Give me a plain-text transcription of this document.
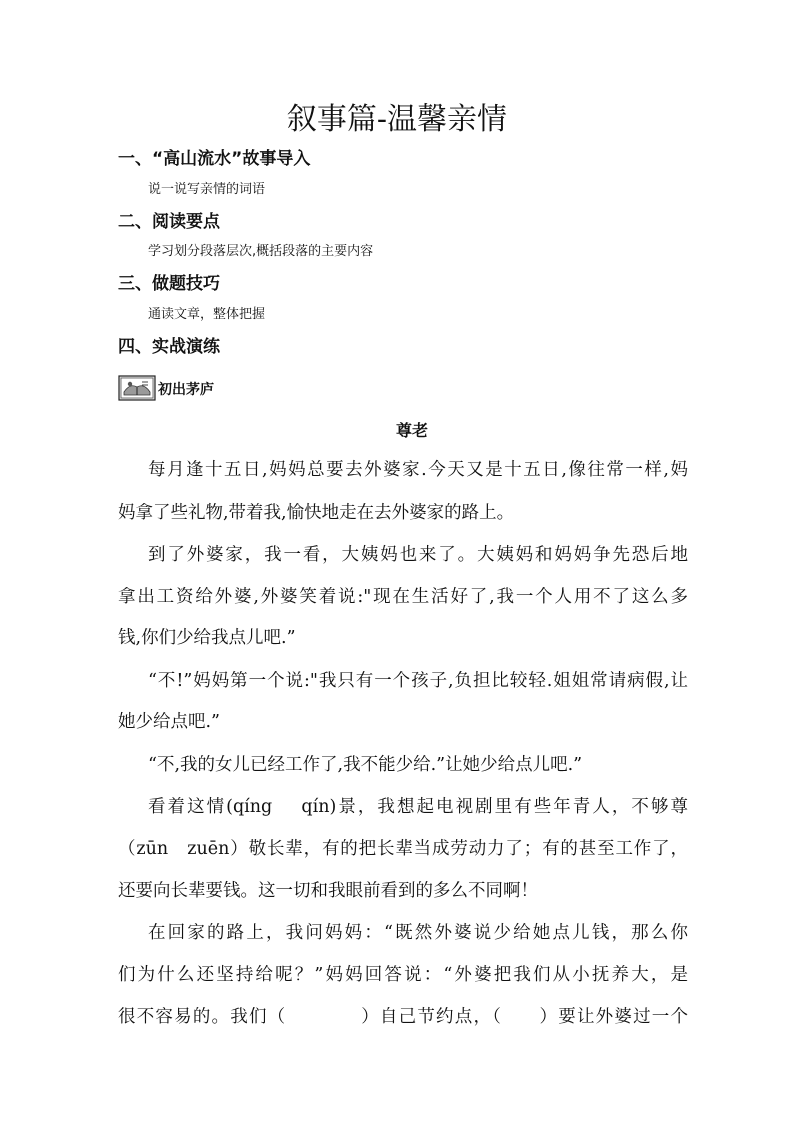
叙事篇-温馨亲情
一、“高山流水”故事导入
说一说写亲情的词语
二、阅读要点
学习划分段落层次,概括段落的主要内容
三、做题技巧
通读文章，整体把握
四、实战演练
初出茅庐
尊老
每月逢十五日,妈妈总要去外婆家.今天又是十五日,像往常一样,妈
妈拿了些礼物,带着我,愉快地走在去外婆家的路上。
到了外婆家，我一看，大姨妈也来了。大姨妈和妈妈争先恐后地
拿出工资给外婆,外婆笑着说:"现在生活好了,我一个人用不了这么多
钱,你们少给我点儿吧.”
“不!”妈妈第一个说:"我只有一个孩子,负担比较轻.姐姐常请病假,让
她少给点吧.”
“不,我的女儿已经工作了,我不能少给.”让她少给点儿吧.”
看着这情(qíng　 qín)景，我想起电视剧里有些年青人，不够尊
（zūn　zuēn）敬长辈，有的把长辈当成劳动力了；有的甚至工作了，
还要向长辈要钱。这一切和我眼前看到的多么不同啊！
在回家的路上，我问妈妈：“既然外婆说少给她点儿钱，那么你
们为什么还坚持给呢？”妈妈回答说：“外婆把我们从小抚养大，是
很不容易的。我们（　　　　）自己节约点，（　　）要让外婆过一个
